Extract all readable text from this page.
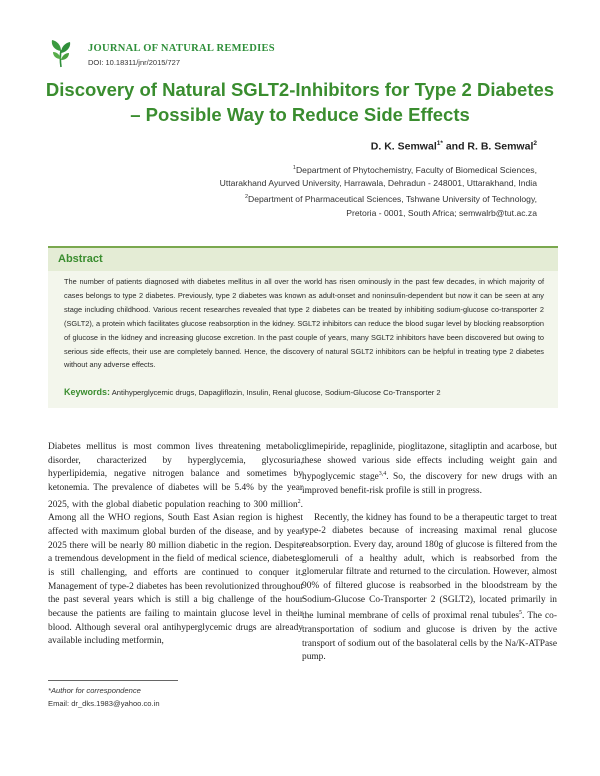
JOURNAL OF NATURAL REMEDIES
DOI: 10.18311/jnr/2015/727
Discovery of Natural SGLT2-Inhibitors for Type 2 Diabetes – Possible Way to Reduce Side Effects
D. K. Semwal$^{1*}$ and R. B. Semwal$^2$
$^1$Department of Phytochemistry, Faculty of Biomedical Sciences,
Uttarakhand Ayurved University, Harrawala, Dehradun - 248001, Uttarakhand, India
$^2$Department of Pharmaceutical Sciences, Tshwane University of Technology,
Pretoria - 0001, South Africa; semwalrb@tut.ac.za
Abstract
The number of patients diagnosed with diabetes mellitus in all over the world has risen ominously in the past few decades, in which majority of cases belongs to type 2 diabetes. Previously, type 2 diabetes was known as adult-onset and noninsulin-dependent but now it can be seen at any stage including childhood. Various recent researches revealed that type 2 diabetes can be treated by inhibiting sodium-glucose co-transporter 2 (SGLT2), a protein which facilitates glucose reabsorption in the kidney. SGLT2 inhibitors can reduce the blood sugar level by blocking reabsorption of glucose in the kidney and increasing glucose excretion. In the past couple of years, many SGLT2 inhibitors have been discovered but owing to serious side effects, their use are completely banned. Hence, the discovery of natural SGLT2 inhibitors can be helpful in treating type 2 diabetes without any adverse effects.
Keywords: Antihyperglycemic drugs, Dapagliflozin, Insulin, Renal glucose, Sodium-Glucose Co-Transporter 2

Diabetes mellitus is most common lives threatening metabolic disorder, characterized by hyperglycemia, glycosuria, hyperlipidemia, negative nitrogen balance and sometimes by ketonemia. The prevalence of diabetes will be 5.4% by the year 2025, with the global diabetic population reaching to 300 million$^2$. Among all the WHO regions, South East Asian region is highest affected with maximum global burden of the disease, and by year 2025 there will be nearly 80 million diabetic in the region. Despite a tremendous development in the field of medical science, diabetes is still challenging, and efforts are continued to conquer it. Management of type-2 diabetes has been revolutionized throughout the past several years which is still a big challenge of the hour because the patients are failing to maintain glucose level in their blood. Although several oral antihyperglycemic drugs are already available including metformin,

glimepiride, repaglinide, pioglitazone, sitagliptin and acarbose, but these showed various side effects including weight gain and hypoglycemic stage$^{3,4}$. So, the discovery for new drugs with an improved benefit-risk profile is still in progress.

Recently, the kidney has found to be a therapeutic target to treat type-2 diabetes because of increasing maximal renal glucose reabsorption. Every day, around 180g of glucose is filtered from the glomeruli of a healthy adult, which is reabsorbed from the glomerular filtrate and returned to the circulation. However, almost 90% of filtered glucose is reabsorbed in the bloodstream by the Sodium-Glucose Co-Transporter 2 (SGLT2), located primarily in the luminal membrane of cells of proximal renal tubules$^5$. The co-transportation of sodium and glucose is driven by the active transport of sodium out of the basolateral cells by the Na/K-ATPase pump.

*Author for correspondence
Email: dr_dks.1983@yahoo.co.in
